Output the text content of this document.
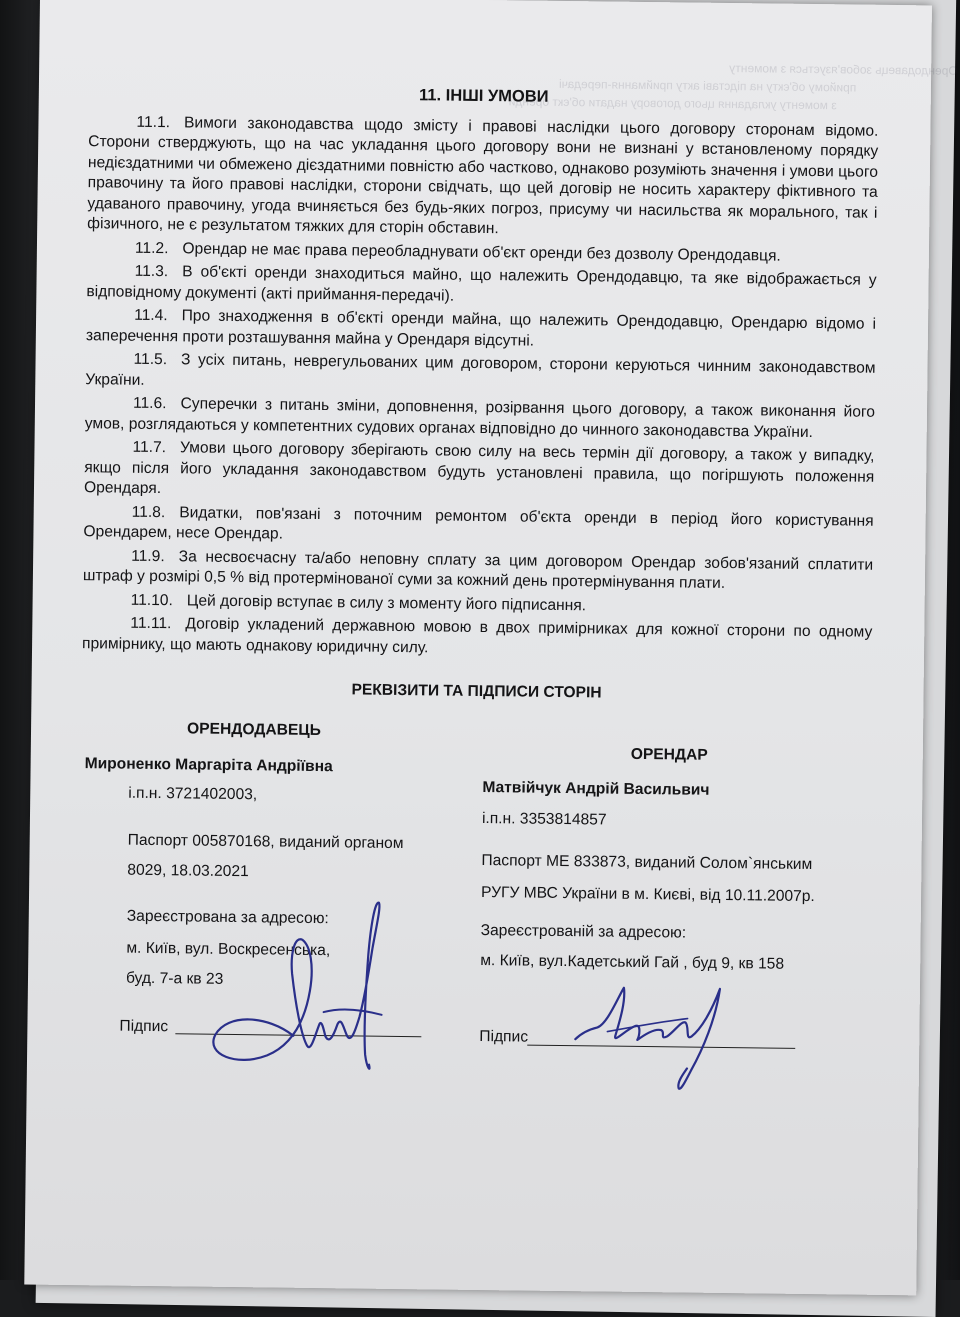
Орендодавець зобов'язується з моменту
прийому об'єкту на підставі акту приймання-передачі
з моменту укладання цього договору надати об'єкт оренди
11. ІНШІ УМОВИ
11.1. Вимоги законодавства щодо змісту і правові наслідки цього договору сторонам відомо. Сторони стверджують, що на час укладання цього договору вони не визнані у встановленому порядку недієздатними чи обмежено дієздатними повністю або частково, однаково розуміють значення і умови цього правочину та його правові наслідки, сторони свідчать, що цей договір не носить характеру фіктивного та удаваного правочину, угода вчиняється без будь-яких погроз, присуму чи насильства як морального, так і фізичного, не є результатом тяжких для сторін обставин.
11.2. Орендар не має права переобладнувати об'єкт оренди без дозволу Орендодавця.
11.3. В об'єкті оренди знаходиться майно, що належить Орендодавцю, та яке відображається у відповідному документі (акті приймання-передачі).
11.4. Про знаходження в об'єкті оренди майна, що належить Орендодавцю, Орендарю відомо і заперечення проти розташування майна у Орендаря відсутні.
11.5. З усіх питань, неврегульованих цим договором, сторони керуються чинним законодавством України.
11.6. Суперечки з питань зміни, доповнення, розірвання цього договору, а також виконання його умов, розглядаються у компетентних судових органах відповідно до чинного законодавства України.
11.7. Умови цього договору зберігають свою силу на весь термін дії договору, а також у випадку, якщо після його укладання законодавством будуть установлені правила, що погіршують положення Орендаря.
11.8. Видатки, пов'язані з поточним ремонтом об'єкта оренди в період його користування Орендарем, несе Орендар.
11.9. За несвоєчасну та/або неповну сплату за цим договором Орендар зобов'язаний сплатити штраф у розмірі 0,5 % від протермінованої суми за кожний день протермінування плати.
11.10. Цей договір вступає в силу з моменту його підписання.
11.11. Договір укладений державною мовою в двох примірниках для кожної сторони по одному примірнику, що мають однакову юридичну силу.
РЕКВІЗИТИ ТА ПІДПИСИ СТОРІН
ОРЕНДОДАВЕЦЬ
Мироненко Маргаріта Андріївна
і.п.н. 3721402003,
Паспорт 005870168, виданий органом
8029, 18.03.2021
Зареєстрована за адресою:
м. Київ, вул. Воскресенська,
буд. 7-а кв 23
Підпис
ОРЕНДАР
Матвійчук Андрій Васильвич
і.п.н. 3353814857
Паспорт МЕ 833873, виданий Солом`янським
РУГУ МВС України в м. Києві, від 10.11.2007р.
Зареєстрованій за адресою:
м. Київ, вул.Кадетський Гай , буд 9, кв 158
Підпис
